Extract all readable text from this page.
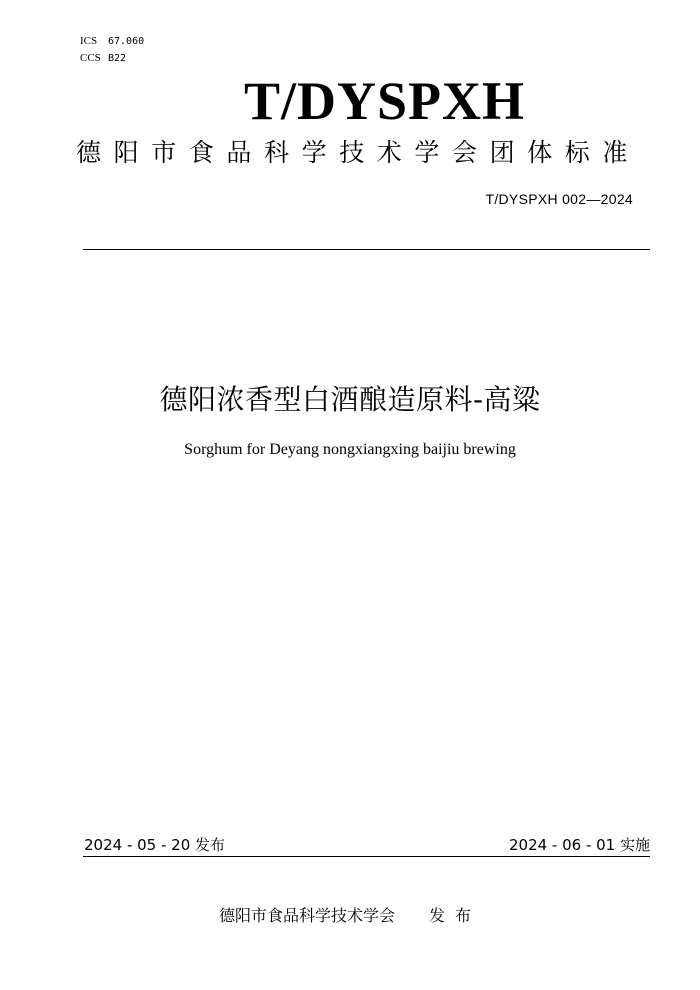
ICS 67.060
CCS B22
T/DYSPXH
德阳市食品科学技术学会团体标准
T/DYSPXH 002—2024
德阳浓香型白酒酿造原料-高粱
Sorghum for Deyang nongxiangxing baijiu brewing
2024 - 05 - 20 发布	2024 - 06 - 01 实施
德阳市食品科学技术学会 发布
